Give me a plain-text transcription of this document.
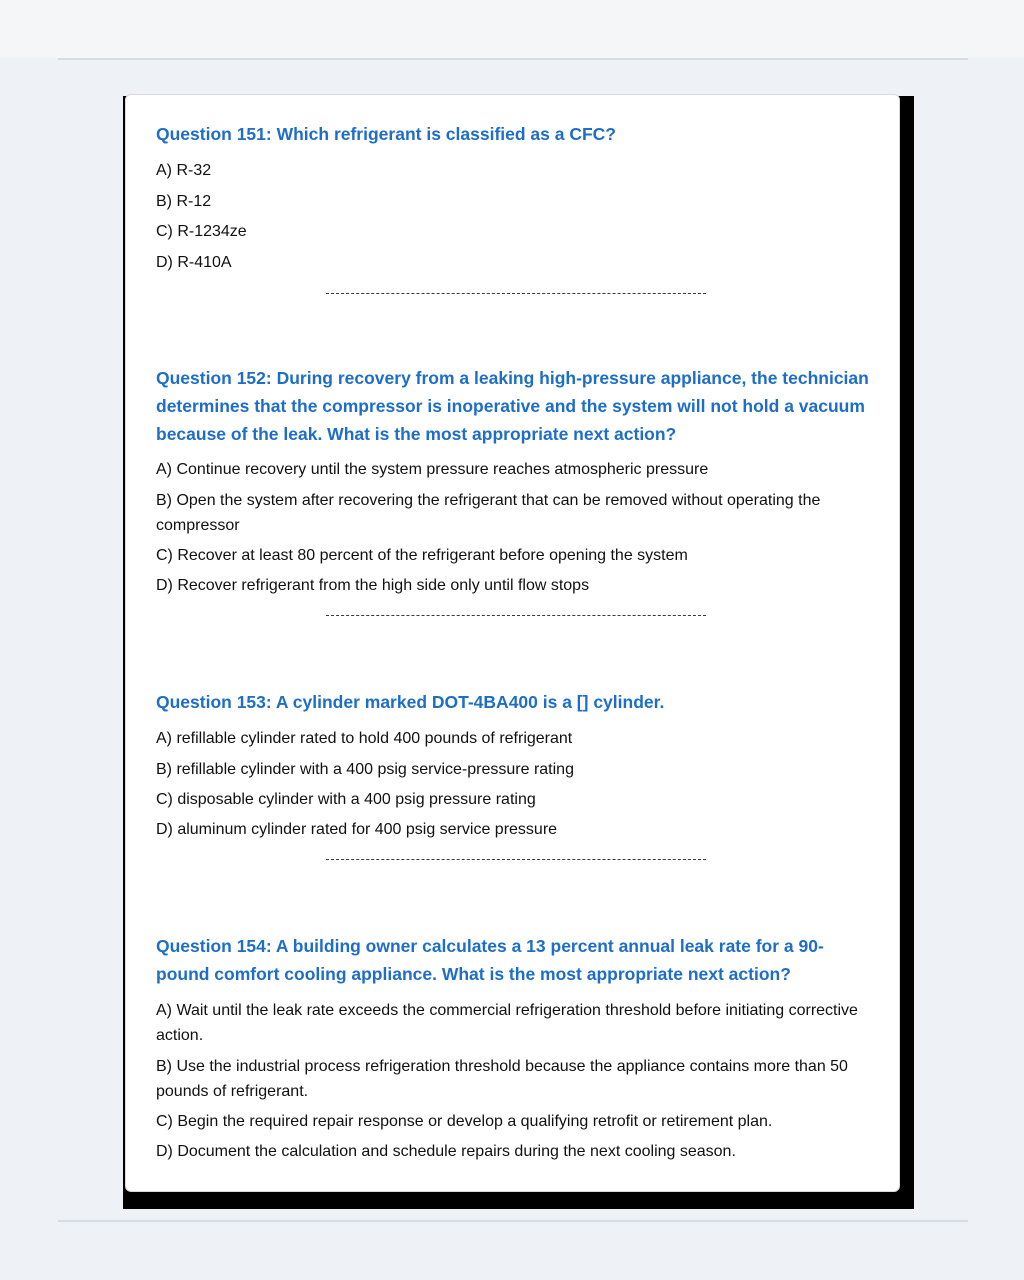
Question 151: Which refrigerant is classified as a CFC?

A) R-32

B) R-12

C) R-1234ze

D) R-410A

Question 152: During recovery from a leaking high-pressure appliance, the technician determines that the compressor is inoperative and the system will not hold a vacuum because of the leak. What is the most appropriate next action?

A) Continue recovery until the system pressure reaches atmospheric pressure

B) Open the system after recovering the refrigerant that can be removed without operating the compressor

C) Recover at least 80 percent of the refrigerant before opening the system

D) Recover refrigerant from the high side only until flow stops

Question 153: A cylinder marked DOT-4BA400 is a [] cylinder.

A) refillable cylinder rated to hold 400 pounds of refrigerant

B) refillable cylinder with a 400 psig service-pressure rating

C) disposable cylinder with a 400 psig pressure rating

D) aluminum cylinder rated for 400 psig service pressure

Question 154: A building owner calculates a 13 percent annual leak rate for a 90-pound comfort cooling appliance. What is the most appropriate next action?

A) Wait until the leak rate exceeds the commercial refrigeration threshold before initiating corrective action.

B) Use the industrial process refrigeration threshold because the appliance contains more than 50 pounds of refrigerant.

C) Begin the required repair response or develop a qualifying retrofit or retirement plan.

D) Document the calculation and schedule repairs during the next cooling season.
